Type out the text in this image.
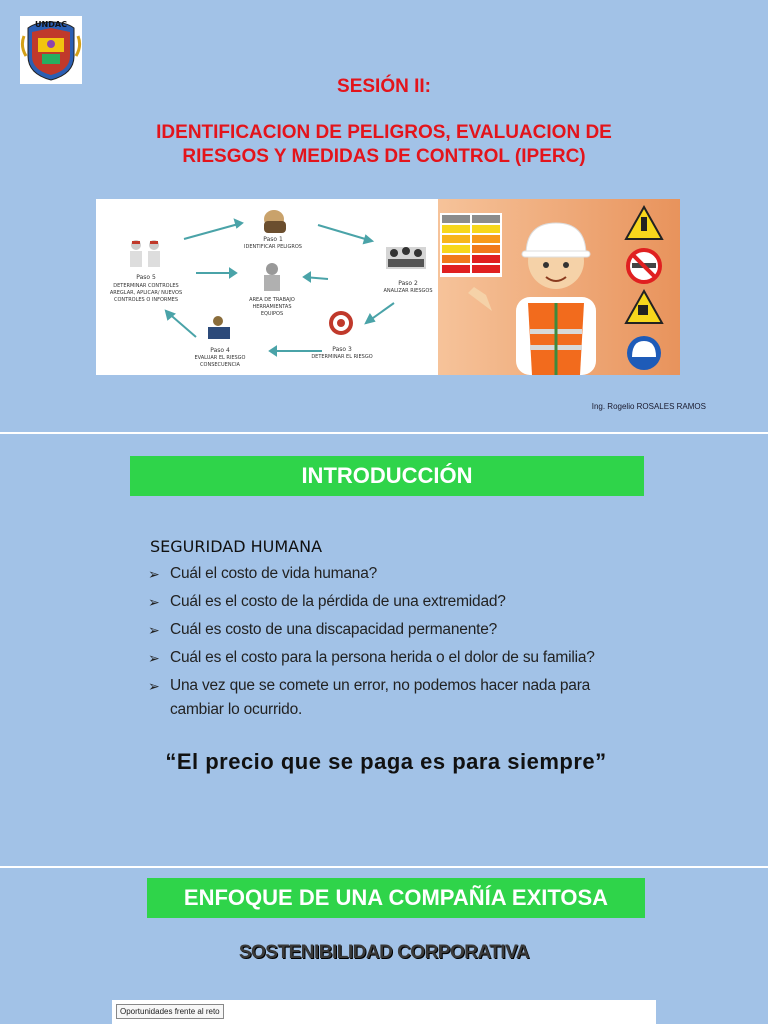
UNDAC
SESIÓN II:
IDENTIFICACION DE PELIGROS, EVALUACION DE
RIESGOS Y MEDIDAS DE CONTROL (IPERC)
Paso 1
IDENTIFICAR PELIGROS
Paso 2
ANALIZAR RIESGOS
Paso 3
DETERMINAR EL RIESGO
Paso 4
EVALUAR EL RIESGO
CONSECUENCIA
Paso 5
DETERMINAR CONTROLES
AREGLAR, APLICAR/ NUEVOS
CONTROLES O INFORMES	AREA DE TRABAJO
HERRAMIENTAS
EQUIPOS
Ing. Rogelio ROSALES RAMOS
INTRODUCCIÓN
SEGURIDAD HUMANA
➢ Cuál el costo de vida humana?
➢ Cuál es el costo de la pérdida de una extremidad?
➢ Cuál es costo de una discapacidad permanente?
➢ Cuál es el costo para la persona herida o el dolor de su familia?
➢ Una vez que se comete un error, no podemos hacer nada para cambiar lo ocurrido.
“El precio que se paga es para siempre”
ENFOQUE DE UNA COMPAÑÍA EXITOSA
SOSTENIBILIDAD CORPORATIVA
Oportunidades frente al reto
